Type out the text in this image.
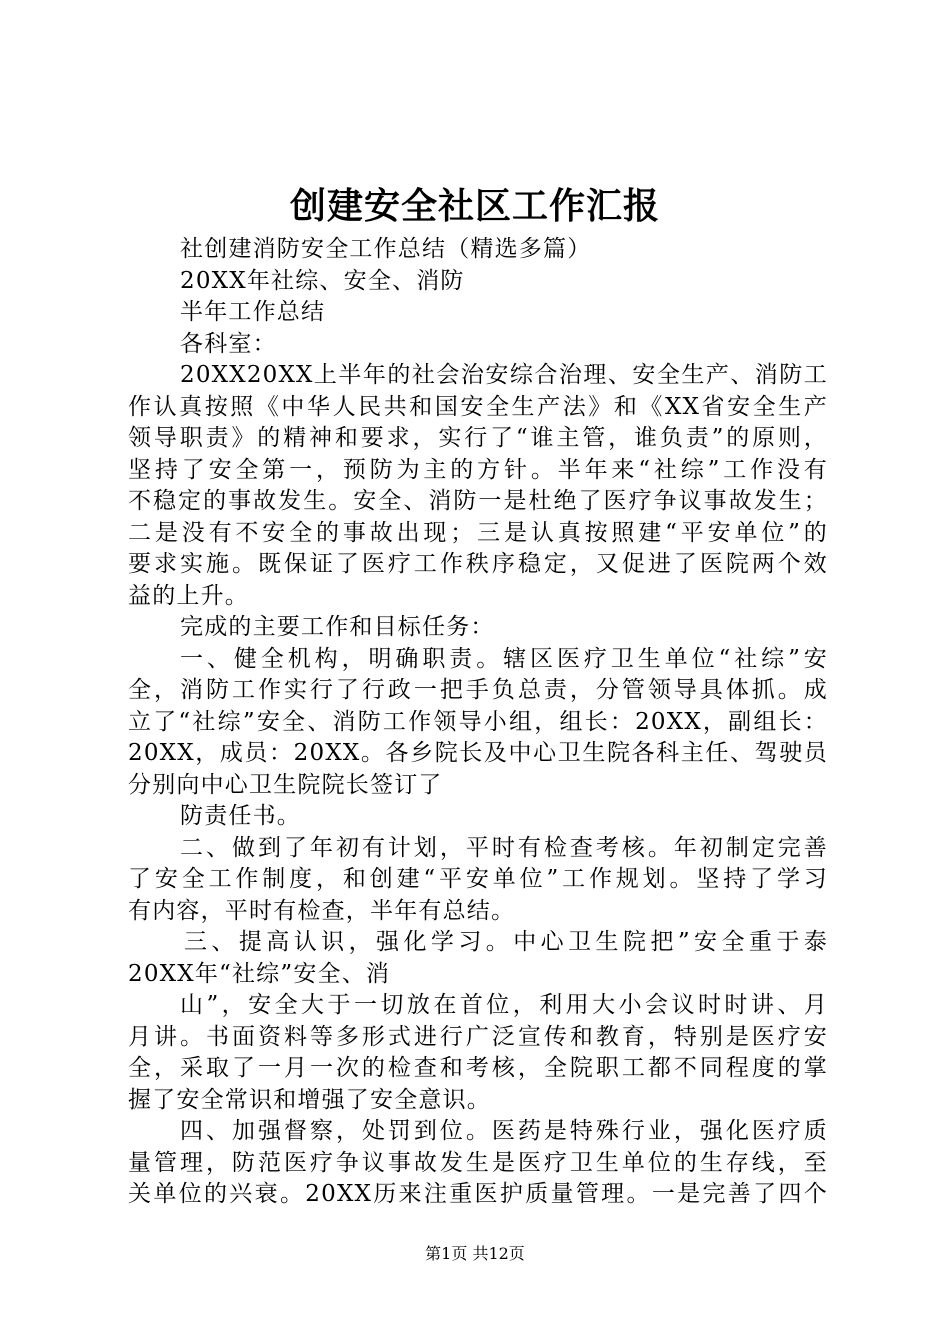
创建安全社区工作汇报
社创建消防安全工作总结（精选多篇）
20XX年社综、安全、消防
半年工作总结
各科室：
20XX20XX上半年的社会治安综合治理、安全生产、消防工
作认真按照《中华人民共和国安全生产法》和《XX省安全生产
领导职责》的精神和要求，实行了“谁主管，谁负责”的原则，
坚持了安全第一，预防为主的方针。半年来“社综”工作没有
不稳定的事故发生。安全、消防一是杜绝了医疗争议事故发生；
二是没有不安全的事故出现；三是认真按照建“平安单位”的
要求实施。既保证了医疗工作秩序稳定，又促进了医院两个效
益的上升。
完成的主要工作和目标任务：
一、健全机构，明确职责。辖区医疗卫生单位“社综”安
全，消防工作实行了行政一把手负总责，分管领导具体抓。成
立了“社综”安全、消防工作领导小组，组长：20XX，副组长：
20XX，成员：20XX。各乡院长及中心卫生院各科主任、驾驶员
分别向中心卫生院院长签订了
防责任书。
二、做到了年初有计划，平时有检查考核。年初制定完善
了安全工作制度，和创建“平安单位”工作规划。坚持了学习
有内容，平时有检查，半年有总结。
三、提高认识，强化学习。中心卫生院把”安全重于泰
20XX年“社综”安全、消
山”，安全大于一切放在首位，利用大小会议时时讲、月
月讲。书面资料等多形式进行广泛宣传和教育，特别是医疗安
全，采取了一月一次的检查和考核，全院职工都不同程度的掌
握了安全常识和增强了安全意识。
四、加强督察，处罚到位。医药是特殊行业，强化医疗质
量管理，防范医疗争议事故发生是医疗卫生单位的生存线，至
关单位的兴衰。20XX历来注重医护质量管理。一是完善了四个
第1页 共12页
